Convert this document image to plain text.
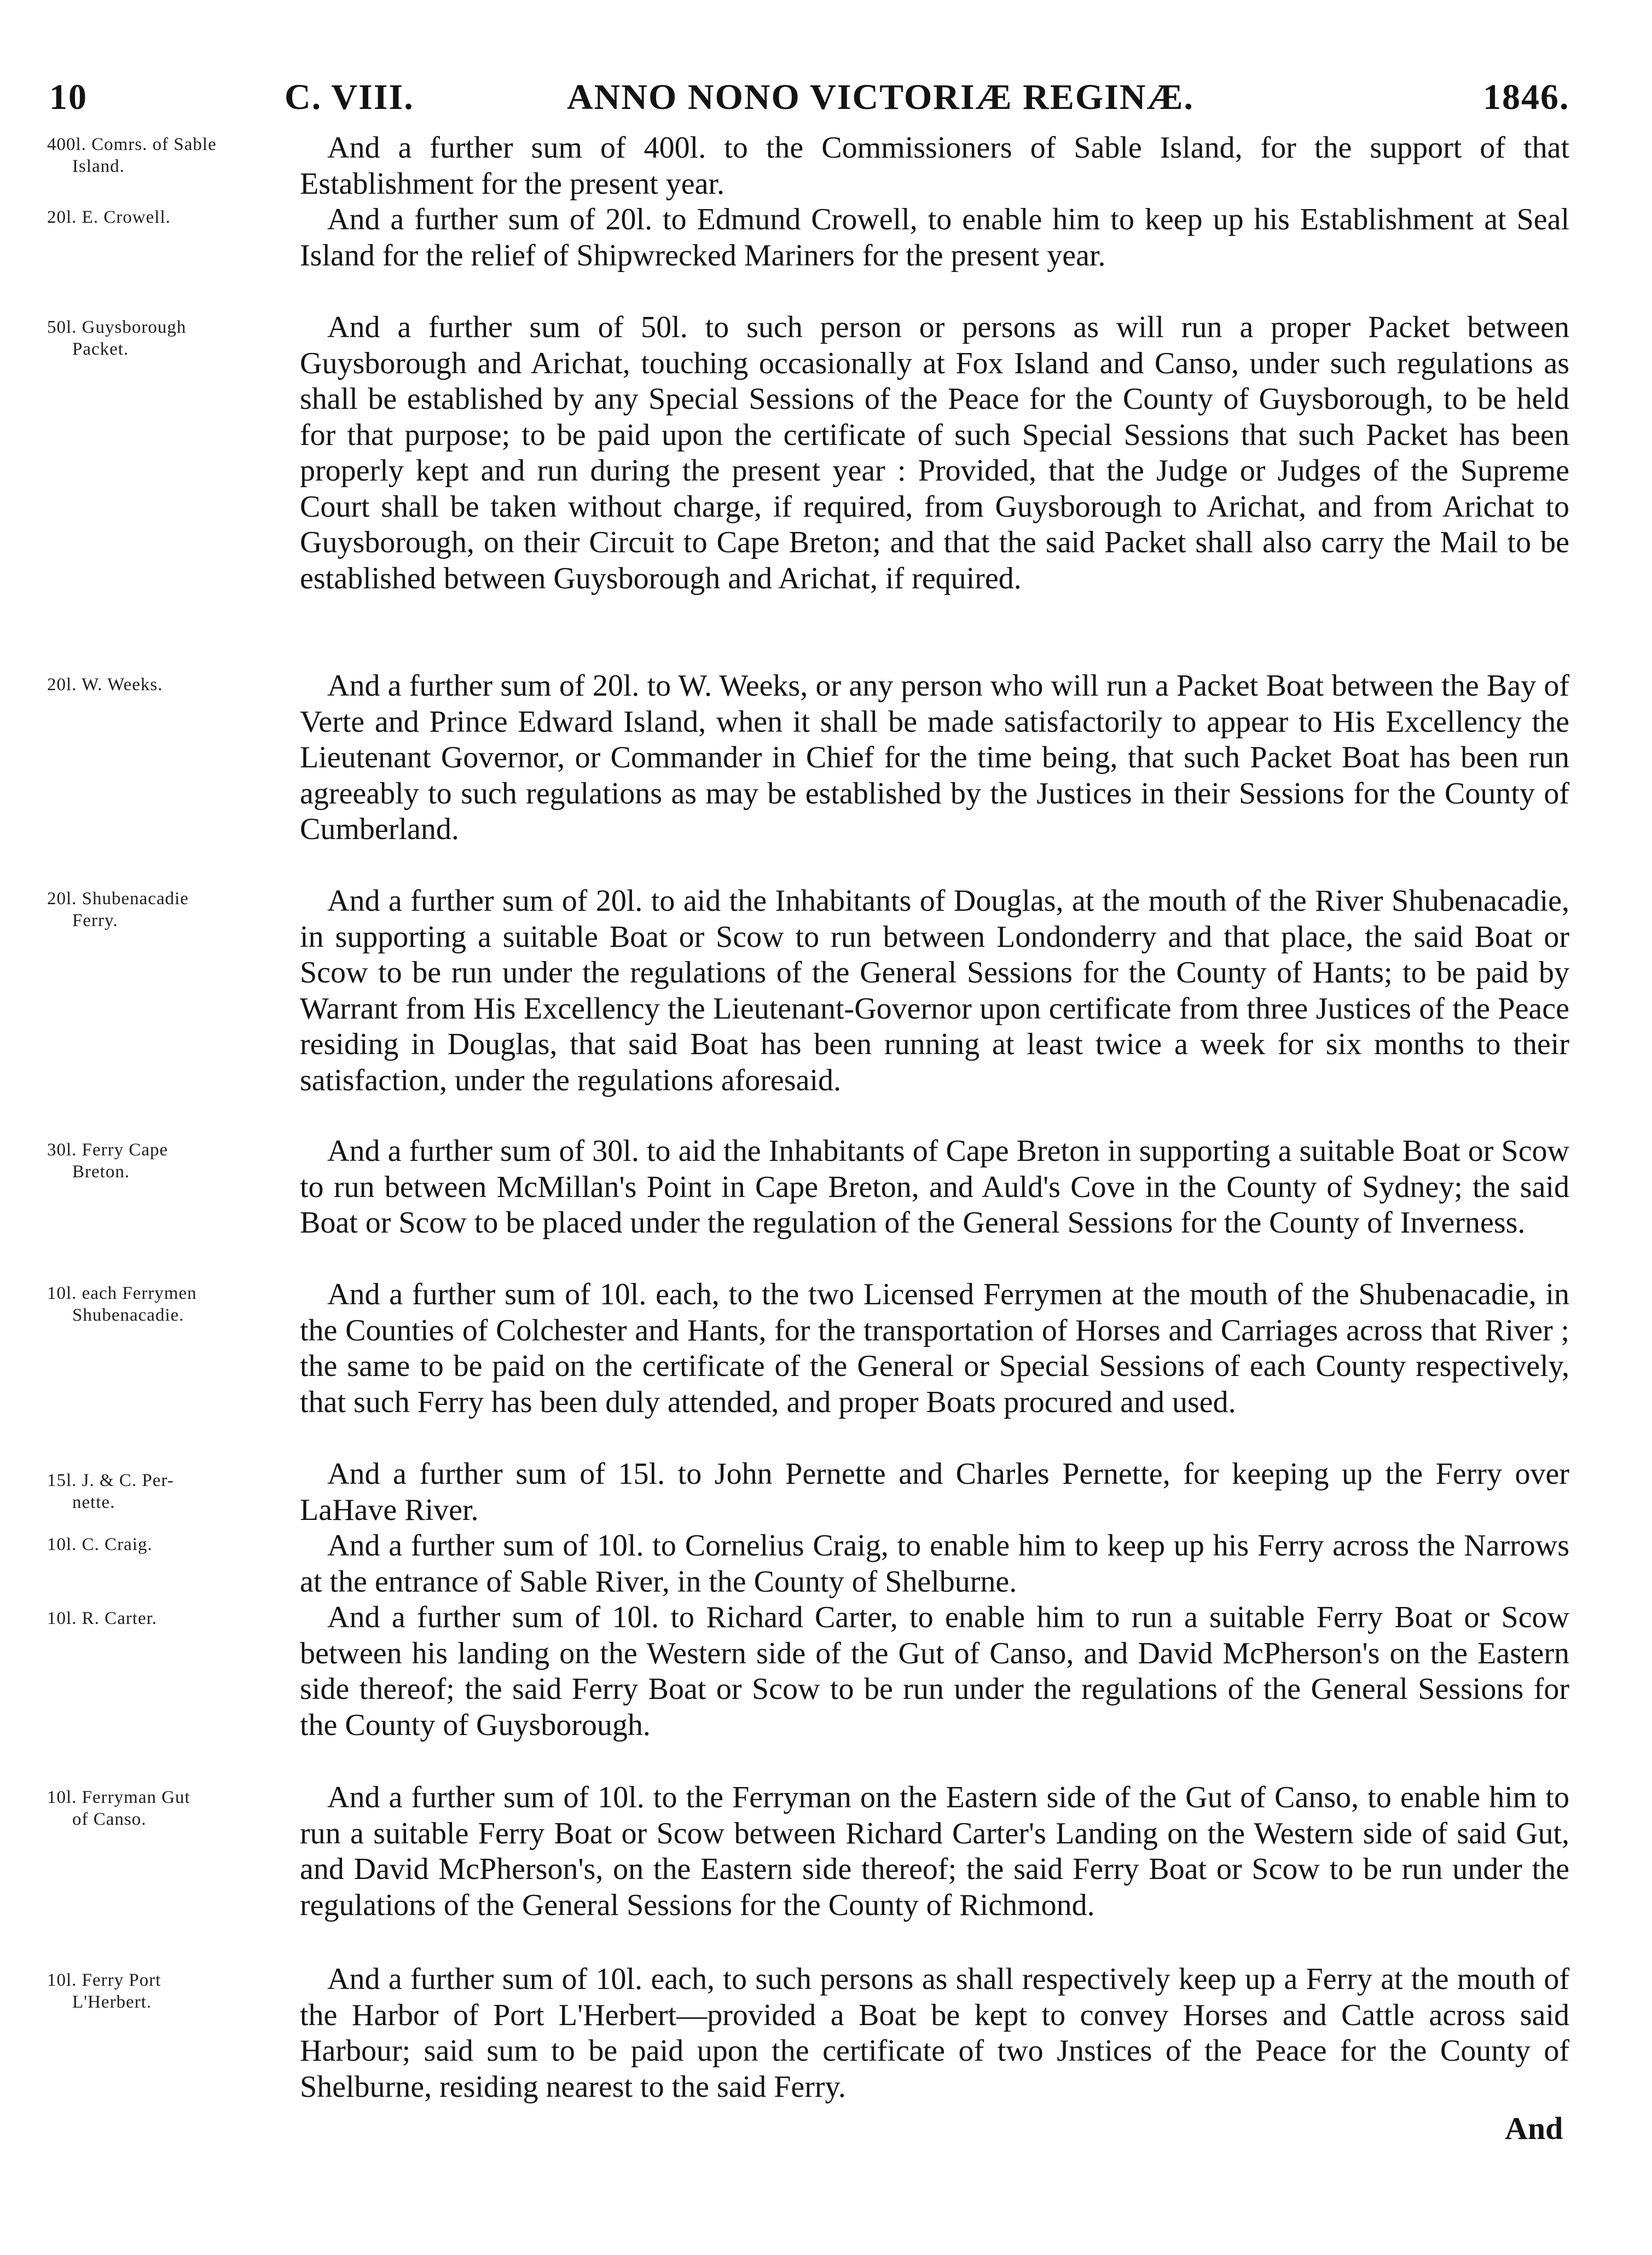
10	C. VIII.	ANNO NONO VICTORIÆ REGINÆ.	1846.
400l. Comrs. of Sable
Island.

And a further sum of 400l. to the Commissioners of Sable Island, for the support of that Establishment for the present year.

20l. E. Crowell.	And a further sum of 20l. to Edmund Crowell, to enable him to keep up his Establishment at Seal Island for the relief of Shipwrecked Mariners for the present year.

50l. Guysborough
Packet.

And a further sum of 50l. to such person or persons as will run a proper Packet between Guysborough and Arichat, touching occasionally at Fox Island and Canso, under such regulations as shall be established by any Special Sessions of the Peace for the County of Guysborough, to be held for that purpose; to be paid upon the certificate of such Special Sessions that such Packet has been properly kept and run during the present year : Provided, that the Judge or Judges of the Supreme Court shall be taken without charge, if required, from Guysborough to Arichat, and from Arichat to Guysborough, on their Circuit to Cape Breton; and that the said Packet shall also carry the Mail to be established between Guysborough and Arichat, if required.

20l. W. Weeks.	And a further sum of 20l. to W. Weeks, or any person who will run a Packet Boat between the Bay of Verte and Prince Edward Island, when it shall be made satisfactorily to appear to His Excellency the Lieutenant Governor, or Commander in Chief for the time being, that such Packet Boat has been run agreeably to such regulations as may be established by the Justices in their Sessions for the County of Cumberland.

20l. Shubenacadie
Ferry.

And a further sum of 20l. to aid the Inhabitants of Douglas, at the mouth of the River Shubenacadie, in supporting a suitable Boat or Scow to run between Londonderry and that place, the said Boat or Scow to be run under the regulations of the General Sessions for the County of Hants; to be paid by Warrant from His Excellency the Lieutenant-Governor upon certificate from three Justices of the Peace residing in Douglas, that said Boat has been running at least twice a week for six months to their satisfaction, under the regulations aforesaid.

30l. Ferry Cape
Breton.

And a further sum of 30l. to aid the Inhabitants of Cape Breton in supporting a suitable Boat or Scow to run between McMillan's Point in Cape Breton, and Auld's Cove in the County of Sydney; the said Boat or Scow to be placed under the regulation of the General Sessions for the County of Inverness.

10l. each Ferrymen
Shubenacadie.

And a further sum of 10l. each, to the two Licensed Ferrymen at the mouth of the Shubenacadie, in the Counties of Colchester and Hants, for the transportation of Horses and Carriages across that River ; the same to be paid on the certificate of the General or Special Sessions of each County respectively, that such Ferry has been duly attended, and proper Boats procured and used.

15l. J. & C. Per-
nette.

And a further sum of 15l. to John Pernette and Charles Pernette, for keeping up the Ferry over LaHave River.

10l. C. Craig.	And a further sum of 10l. to Cornelius Craig, to enable him to keep up his Ferry across the Narrows at the entrance of Sable River, in the County of Shelburne.

10l. R. Carter.	And a further sum of 10l. to Richard Carter, to enable him to run a suitable Ferry Boat or Scow between his landing on the Western side of the Gut of Canso, and David McPherson's on the Eastern side thereof; the said Ferry Boat or Scow to be run under the regulations of the General Sessions for the County of Guysborough.

10l. Ferryman Gut
of Canso.

And a further sum of 10l. to the Ferryman on the Eastern side of the Gut of Canso, to enable him to run a suitable Ferry Boat or Scow between Richard Carter's Landing on the Western side of said Gut, and David McPherson's, on the Eastern side thereof; the said Ferry Boat or Scow to be run under the regulations of the General Sessions for the County of Richmond.

10l. Ferry Port
L'Herbert.

And a further sum of 10l. each, to such persons as shall respectively keep up a Ferry at the mouth of the Harbor of Port L'Herbert—provided a Boat be kept to convey Horses and Cattle across said Harbour; said sum to be paid upon the certificate of two Jnstices of the Peace for the County of Shelburne, residing nearest to the said Ferry.

And
